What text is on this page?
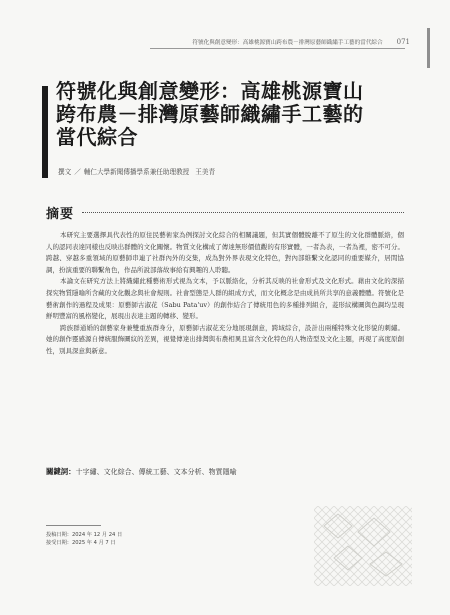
符號化與創意變形：高雄桃源寶山跨布農－排灣原藝師織繡手工藝的當代綜合 071
符號化與創意變形：高雄桃源寶山
跨布農－排灣原藝師織繡手工藝的
當代綜合
撰文 ／ 輔仁大學新聞傳播學系兼任助理教授 王美青
摘要

本研究主要選擇具代表性的原住民藝術家為例探討文化綜合的相關議題，但其實個體脫離不了原生的文化群體脈絡，個人的認同表達同樣也反映出群體的文化關懷。物質文化構成了傳達無形價值觀的有形實體，一者為表，一者為裡，密不可分。跨越、穿越多重領域的原藝師串連了社群內外的交集，成為對外界表現文化特色，對內部維繫文化認同的重要媒介，居間協調，扮演重要的聯繫角色，作品所說部落故事給有興趣的人聆聽。

本論文在研究方法上將織繡此種藝術形式視為文本，予以脈絡化，分析其反映的社會形式及文化形式。藉由文化的深描探究物質隱喻所含藏的文化觀念與社會規則。社會型態是人群的組成方式，而文化概念是由成員所共享的意義體體。符號化是藝術創作的過程及成果：原藝師古淑花（Sabu Pata'uv）的創作結合了傳統用色的多種排列組合，菱形紋構圖與色調均呈現鮮明豐富的風格變化，展現出表達主題的轉移、變形。

跨族群通婚的創藝家身兼雙重族群身分，原藝師古淑花充分地展現創意，跨域綜合，設計出兩種特殊文化形貌的刺繡。她的創作靈感源自傳統服飾圖紋的差異，視覺傳達出排灣與布農相異且富含文化特色的人物造型及文化主題，再現了高度原創性，別具深意與新意。

關鍵詞：十字繡、文化綜合、傳統工藝、文本分析、物質隱喻
投稿日期：2024 年 12 月 24 日
接受日期：2025 年 4 月 7 日
